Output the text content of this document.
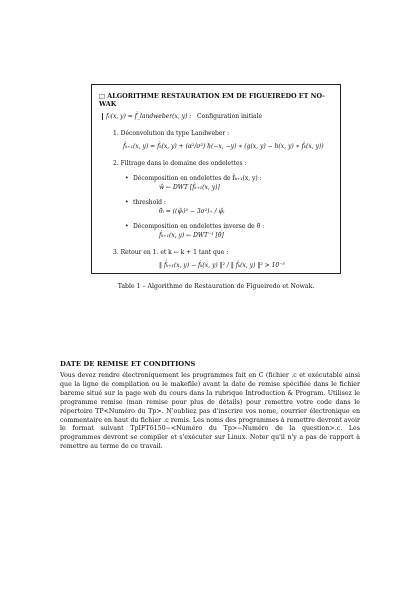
□ ALGORITHME RESTAURATION EM DE FIGUEIREDO ET NO-WAK
f₀(x, y) = f̂_landweber(x, y) : Configuration initiale
1. Déconvolution du type Landweber :
f̂ₖ₊₁(x, y) = f̂ₖ(x, y) + (α²/σ²) h(−x, −y) ∗ (g(x, y) − h(x, y) ∗ f̂ₖ(x, y))
2. Filtrage dans le domaine des ondelettes :
• Décomposition en ondelettes de f̂ₖ₊₁(x, y) :
ŵ ← DWT [f̂ₖ₊₁(x, y)]
• threshold :
θ̂ᵢ = ((ψ̂ᵢ)² − 3σ²)₊ / ψ̂ᵢ
• Décomposition en ondelettes inverse de θ̂ :
f̂ₖ₊₁(x, y) ← DWT⁻¹ [θ̂]
3. Retour en 1. et k ← k + 1 tant que :
‖ f̂ₖ₊₁(x, y) − f̂ₖ(x, y) ‖² / ‖ f̂ₖ(x, y) ‖² > 10⁻⁵
Table 1 – Algorithme de Restauration de Figueiredo et Nowak.
DATE DE REMISE ET CONDITIONS
Vous devez rendre électroniquement les programmes fait en C (fichier .c et exécutable ainsi que la ligne de compilation ou le makefile) avant la date de remise spécifiée dans le fichier bareme situé sur la page web du cours dans la rubrique Introduction & Program. Utilisez le programme remise (man remise pour plus de détails) pour remettre votre code dans le répertoire TP<Numéro du Tp>. N'oubliez pas d'inscrire vos nome, courrier électronique en commentaire en haut du fichier .c remis. Les noms des programmes à remettre devront avoir le format suivant TpIFT6150−<Numéro du Tp>−Numéro de la question>.c. Les programmes devront se compiler et s'exécuter sur Linux. Noter qu'il n'y a pas de rapport à remettre au terme de ce travail.
